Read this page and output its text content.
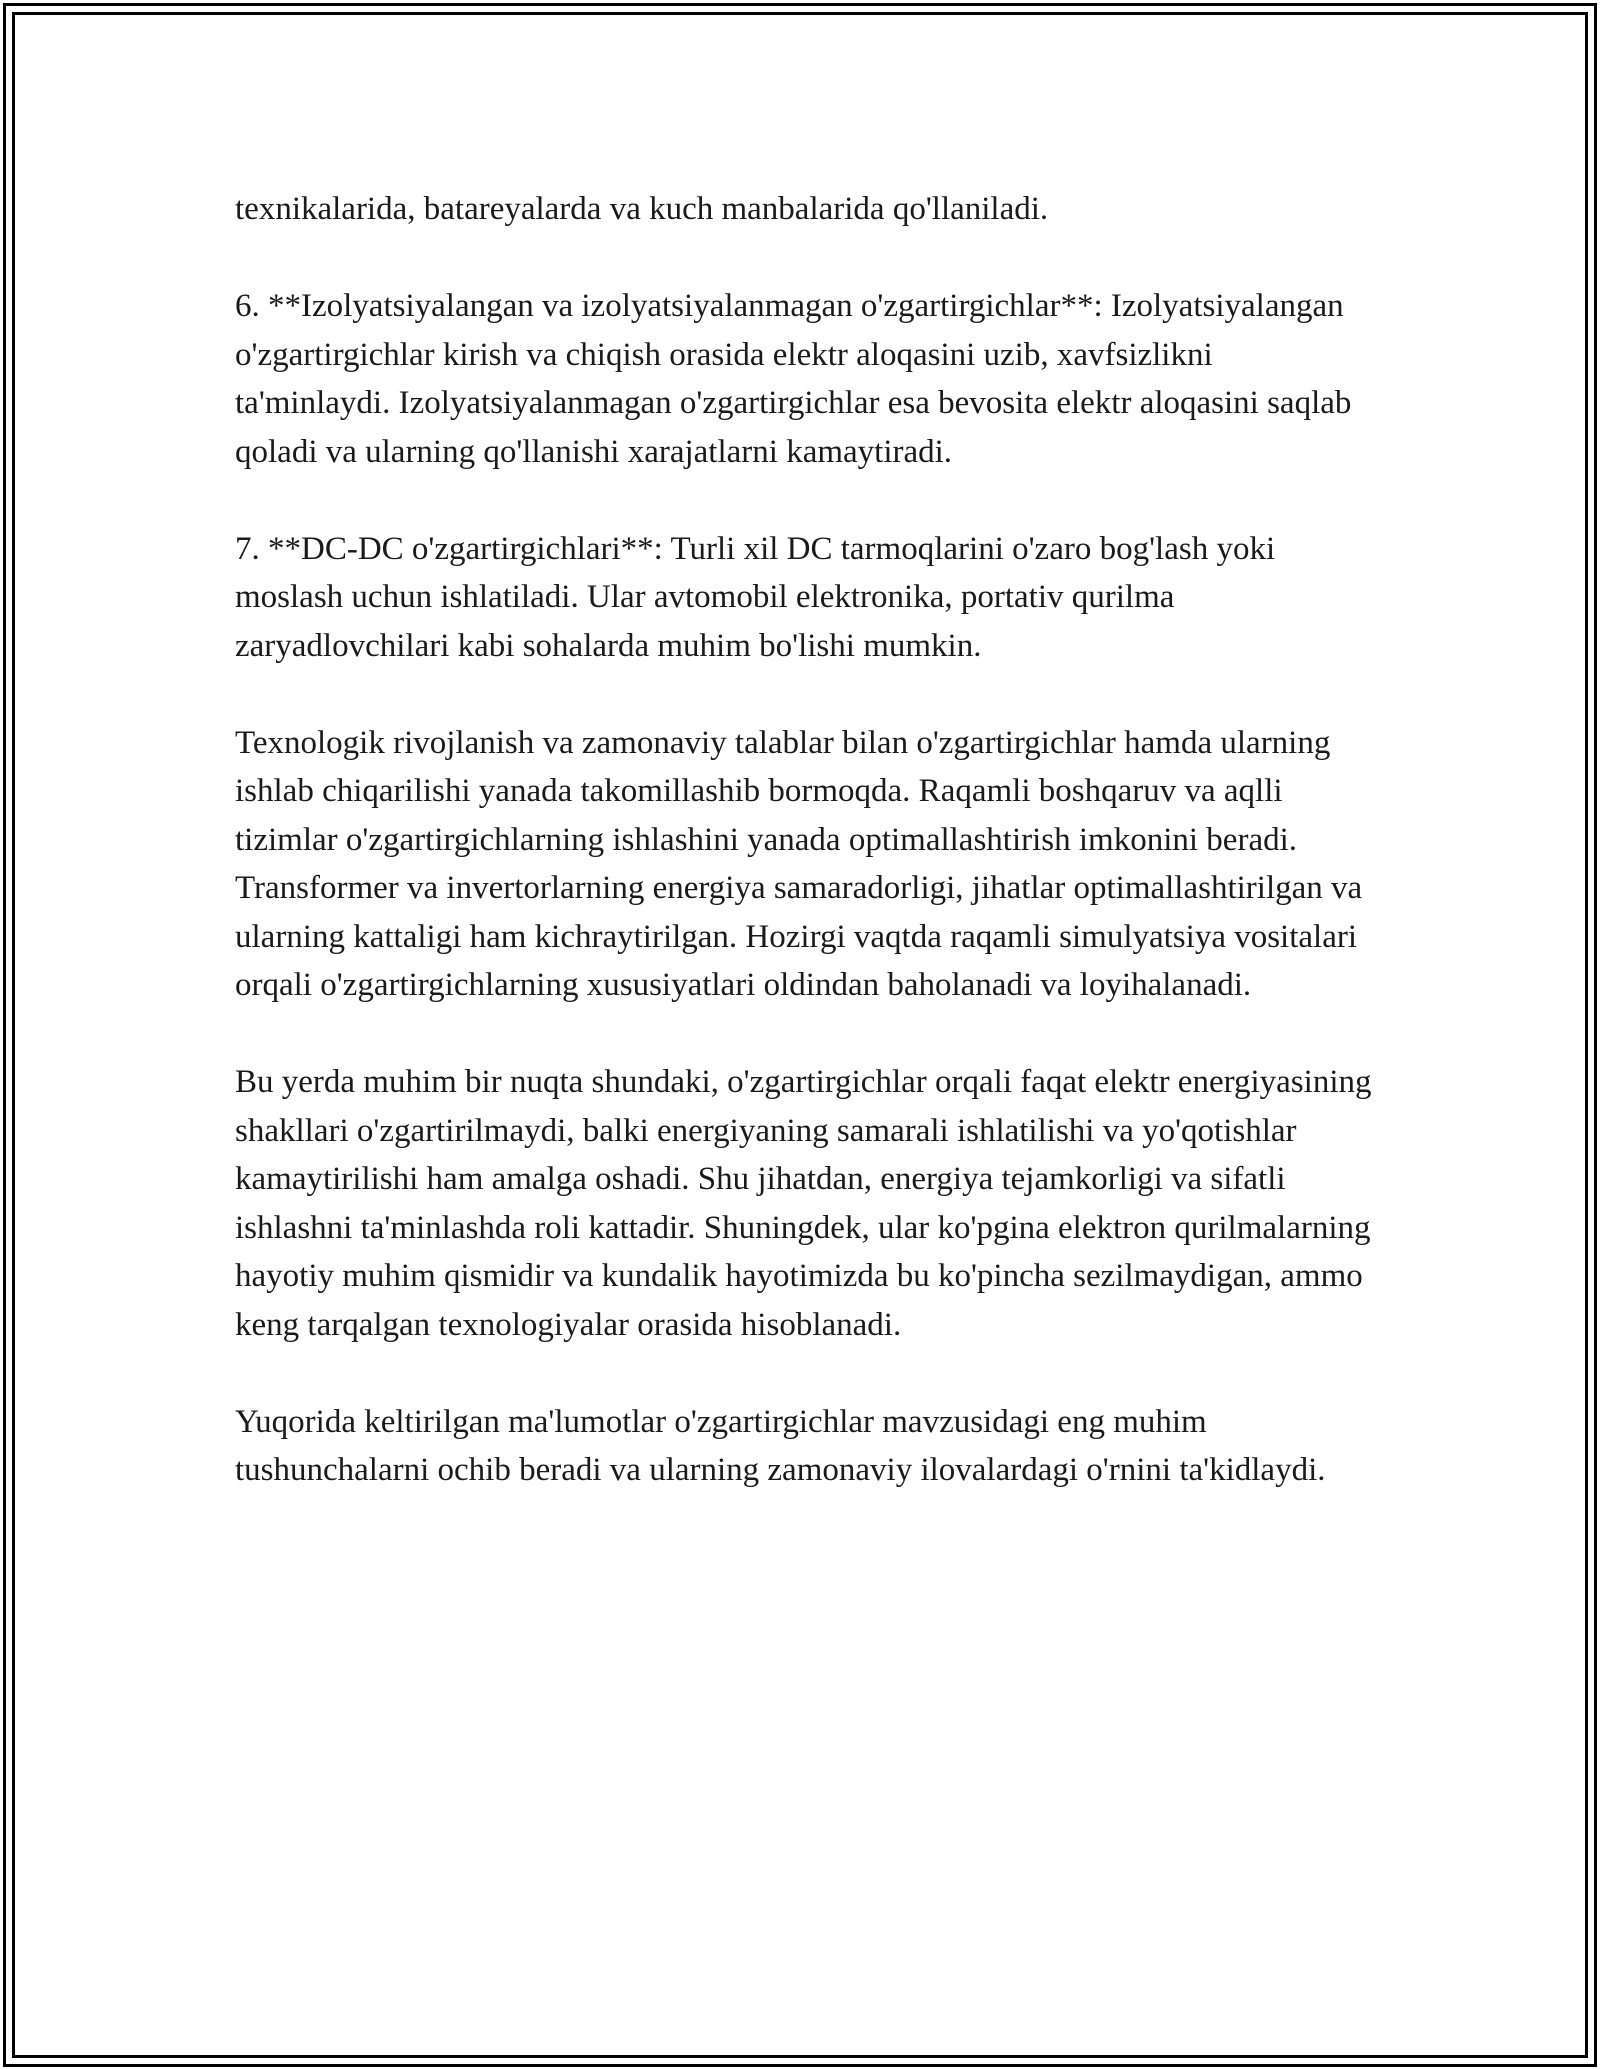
texnikalarida, batareyalarda va kuch manbalarida qo'llaniladi.

6. **Izolyatsiyalangan va izolyatsiyalanmagan o'zgartirgichlar**: Izolyatsiyalangan o'zgartirgichlar kirish va chiqish orasida elektr aloqasini uzib, xavfsizlikni ta'minlaydi. Izolyatsiyalanmagan o'zgartirgichlar esa bevosita elektr aloqasini saqlab qoladi va ularning qo'llanishi xarajatlarni kamaytiradi.

7. **DC-DC o'zgartirgichlari**: Turli xil DC tarmoqlarini o'zaro bog'lash yoki moslash uchun ishlatiladi. Ular avtomobil elektronika, portativ qurilma zaryadlovchilari kabi sohalarda muhim bo'lishi mumkin.

Texnologik rivojlanish va zamonaviy talablar bilan o'zgartirgichlar hamda ularning ishlab chiqarilishi yanada takomillashib bormoqda. Raqamli boshqaruv va aqlli tizimlar o'zgartirgichlarning ishlashini yanada optimallashtirish imkonini beradi. Transformer va invertorlarning energiya samaradorligi, jihatlar optimallashtirilgan va ularning kattaligi ham kichraytirilgan. Hozirgi vaqtda raqamli simulyatsiya vositalari orqali o'zgartirgichlarning xususiyatlari oldindan baholanadi va loyihalanadi.

Bu yerda muhim bir nuqta shundaki, o'zgartirgichlar orqali faqat elektr energiyasining shakllari o'zgartirilmaydi, balki energiyaning samarali ishlatilishi va yo'qotishlar kamaytirilishi ham amalga oshadi. Shu jihatdan, energiya tejamkorligi va sifatli ishlashni ta'minlashda roli kattadir. Shuningdek, ular ko'pgina elektron qurilmalarning hayotiy muhim qismidir va kundalik hayotimizda bu ko'pincha sezilmaydigan, ammo keng tarqalgan texnologiyalar orasida hisoblanadi.

Yuqorida keltirilgan ma'lumotlar o'zgartirgichlar mavzusidagi eng muhim tushunchalarni ochib beradi va ularning zamonaviy ilovalardagi o'rnini ta'kidlaydi.
